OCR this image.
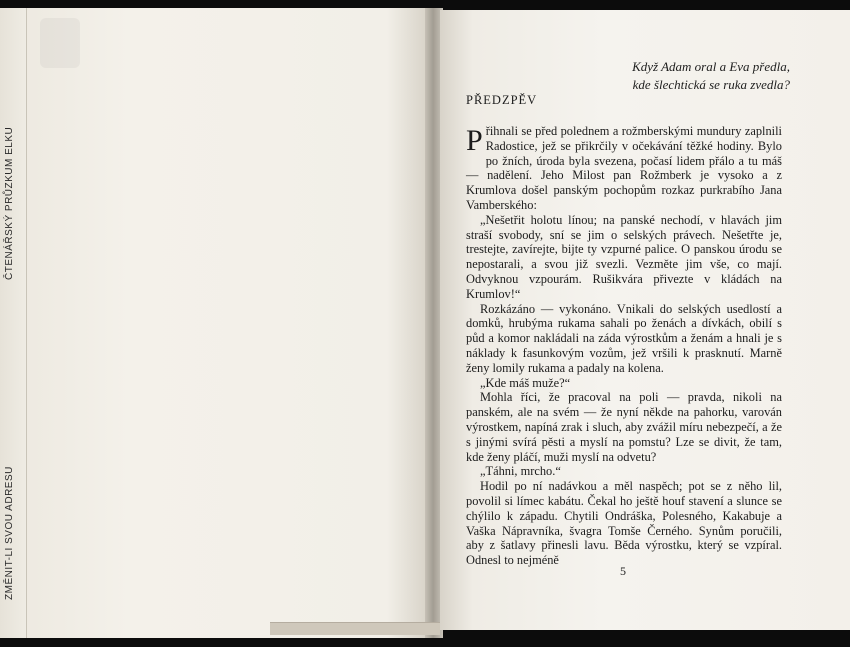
ČTENÁŘSKÝ PRŮZKUM ELKU
ZMĚNIT-LI SVOU ADRESU
Když Adam oral a Eva předla,
kde šlechtická se ruka zvedla?
PŘEDZPĚV

Přihnali se před polednem a rožmberskými mundury zaplnili Radostice, jež se přikrčily v očekávání těžké hodiny. Bylo po žních, úroda byla svezena, počasí lidem přálo a tu máš — nadělení. Jeho Milost pan Rožmberk je vysoko a z Krumlova došel panským pochopům rozkaz purkrabího Jana Vamberského:

„Nešetřit holotu línou; na panské nechodí, v hlavách jim straší svobody, sní se jim o selských právech. Nešetřte je, trestejte, zavírejte, bijte ty vzpurné palice. O panskou úrodu se nepostarali, a svou již svezli. Vezměte jim vše, co mají. Odvyknou vzpourám. Rušikvára přivezte v kládách na Krumlov!“

Rozkázáno — vykonáno. Vnikali do selských usedlostí a domků, hrubýma rukama sahali po ženách a dívkách, obilí s půd a komor nakládali na záda výrostkům a ženám a hnali je s náklady k fasunkovým vozům, jež vršili k prasknutí. Marně ženy lomily rukama a padaly na kolena.

„Kde máš muže?“

Mohla říci, že pracoval na poli — pravda, nikoli na panském, ale na svém — že nyní někde na pahorku, varován výrostkem, napíná zrak i sluch, aby zvážil míru nebezpečí, a že s jinými svírá pěsti a myslí na pomstu? Lze se divit, že tam, kde ženy pláčí, muži myslí na odvetu?

„Táhni, mrcho.“

Hodil po ní nadávkou a měl naspěch; pot se z něho lil, povolil si límec kabátu. Čekal ho ještě houf stavení a slunce se chýlilo k západu. Chytili Ondráška, Polesného, Kakabuje a Vaška Nápravníka, švagra Tomše Černého. Synům poručili, aby z šatlavy přinesli lavu. Běda výrostku, který se vzpíral. Odnesl to nejméně

5
